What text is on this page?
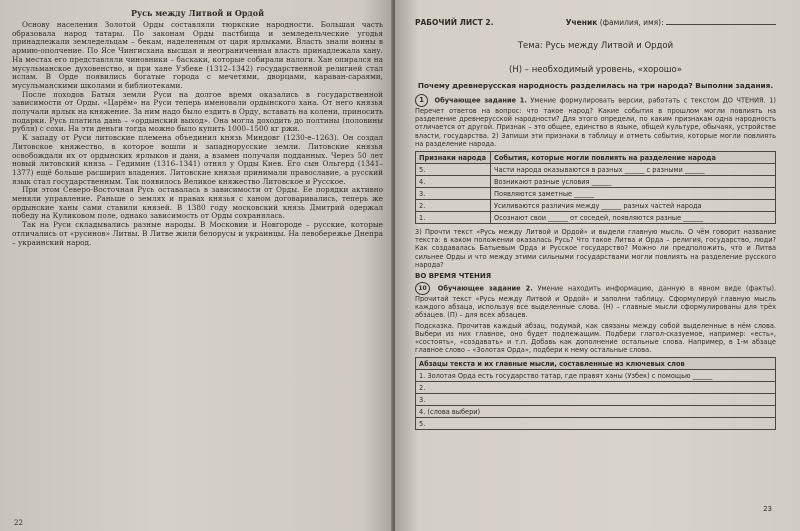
Русь между Литвой и Ордой

Основу населения Золотой Орды составляли тюркские народности. Большая часть образовала народ татары. По законам Орды пастбища и земледельческие угодья принадлежали земледельцам – бекам, наделенным от царя ярлыками. Власть знали воины в армию-ополчение. По Ясе Чингисхана высшая и неограниченная власть принадлежала хану. На местах его представляли чиновники – баскаки, которые собирали налоги. Хан опирался на мусульманское духовенство, и при хане Узбеке (1312–1342) государственной религией стал ислам. В Орде появились богатые города с мечетями, дворцами, караван-сараями, мусульманскими школами и библиотеками.

После походов Батыя земли Руси на долгое время оказались в государственной зависимости от Орды. «Царём» на Руси теперь именовали ордынского хана. От него князья получали ярлык на княжение. За ним надо было ездить в Орду, вставать на колени, приносить подарки. Русь платила дань – «ордынский выход». Она могла доходить до полтины (половины рубля) с сохи. На эти деньги тогда можно было купить 1000–1500 кг ржи.

К западу от Руси литовские племена объединил князь Миндовг (1230-е–1263). Он создал Литовское княжество, в которое вошли и западнорусские земли. Литовские князья освобождали их от ордынских ярлыков и дани, а взамен получали подданных. Через 50 лет новый литовский князь – Гедимин (1316–1341) отнял у Орды Киев. Его сын Ольгерд (1341–1377) ещё больше расширил владения. Литовские князья принимали православие, а русский язык стал государственным. Так появилось Великое княжество Литовское и Русское.

При этом Северо-Восточная Русь оставалась в зависимости от Орды. Ее порядки активно меняли управление. Раньше о землях и правах князья с ханом договаривались, теперь же ордынские ханы сами ставили князей. В 1380 году московский князь Дмитрий одержал победу на Куликовом поле, однако зависимость от Орды сохранялась.

Так на Руси складывались разные народы. В Московии и Новгороде – русские, которые отличались от «русинов» Литвы. В Литве жили белорусы и украинцы. На левобережье Днепра – украинский народ.

22
РАБОЧИЙ ЛИСТ 2.	Ученик (фамилия, имя):
Тема: Русь между Литвой и Ордой
(Н) – необходимый уровень, «хорошо»
Почему древнерусская народность разделилась на три народа? Выполни задания.

1 Обучающее задание 1. Умение формулировать версии, работать с текстом ДО ЧТЕНИЯ. 1) Перечет ответов на вопрос: что такое народ? Какие события в прошлом могли повлиять на разделение древнерусской народности? Для этого определи, по каким признакам одна народность отличается от другой. Признак – это общее, единство в языке, общей культуре, обычаях, устройстве власти, государства. 2) Запиши эти признаки в таблицу и отметь события, которые могли повлиять на разделение народа.

Признаки народа	События, которые могли повлиять на разделение народа
5.	Части народа оказываются в разных ______ с разными ______
4.	Возникают разные условия ______
3.	Появляются заметные ______
2.	Усиливаются различия между ______ разных частей народа
1.	Осознают свои ______ от соседей, появляются разные ______

3) Прочти текст «Русь между Литвой и Ордой» и выдели главную мысль. О чём говорит название текста: в каком положении оказалась Русь? Что такое Литва и Орда – религия, государство, люди? Как создавалась Батыевым Орда и Русское государство? Можно ли предположить, что и Литва сильнее Орды и что между этими сильными государствами могли повлиять на разделение русского народа?

ВО ВРЕМЯ ЧТЕНИЯ

10 Обучающее задание 2. Умение находить информацию, данную в явном виде (факты). Прочитай текст «Русь между Литвой и Ордой» и заполни таблицу. Сформулируй главную мысль каждого абзаца, используя все выделенные слова. (Н) – главные мысли сформулированы для трёх абзацев. (П) – для всех абзацев.

Подсказка. Прочитав каждый абзац, подумай, как связаны между собой выделенные в нём слова. Выбери из них главное, оно будет подлежащим. Подбери глагол-сказуемое, например: «есть», «состоять», «создавать» и т.п. Добавь как дополнение остальные слова. Например, в 1-м абзаце главное слово – «Золотая Орда», подбери к нему остальные слова.

Абзацы текста и их главные мысли, составленные из ключевых слов
1. Золотая Орда есть государство татар, где правят ханы (Узбек) с помощью ______
2.
3.
4. (слова выбери)
5.
23
